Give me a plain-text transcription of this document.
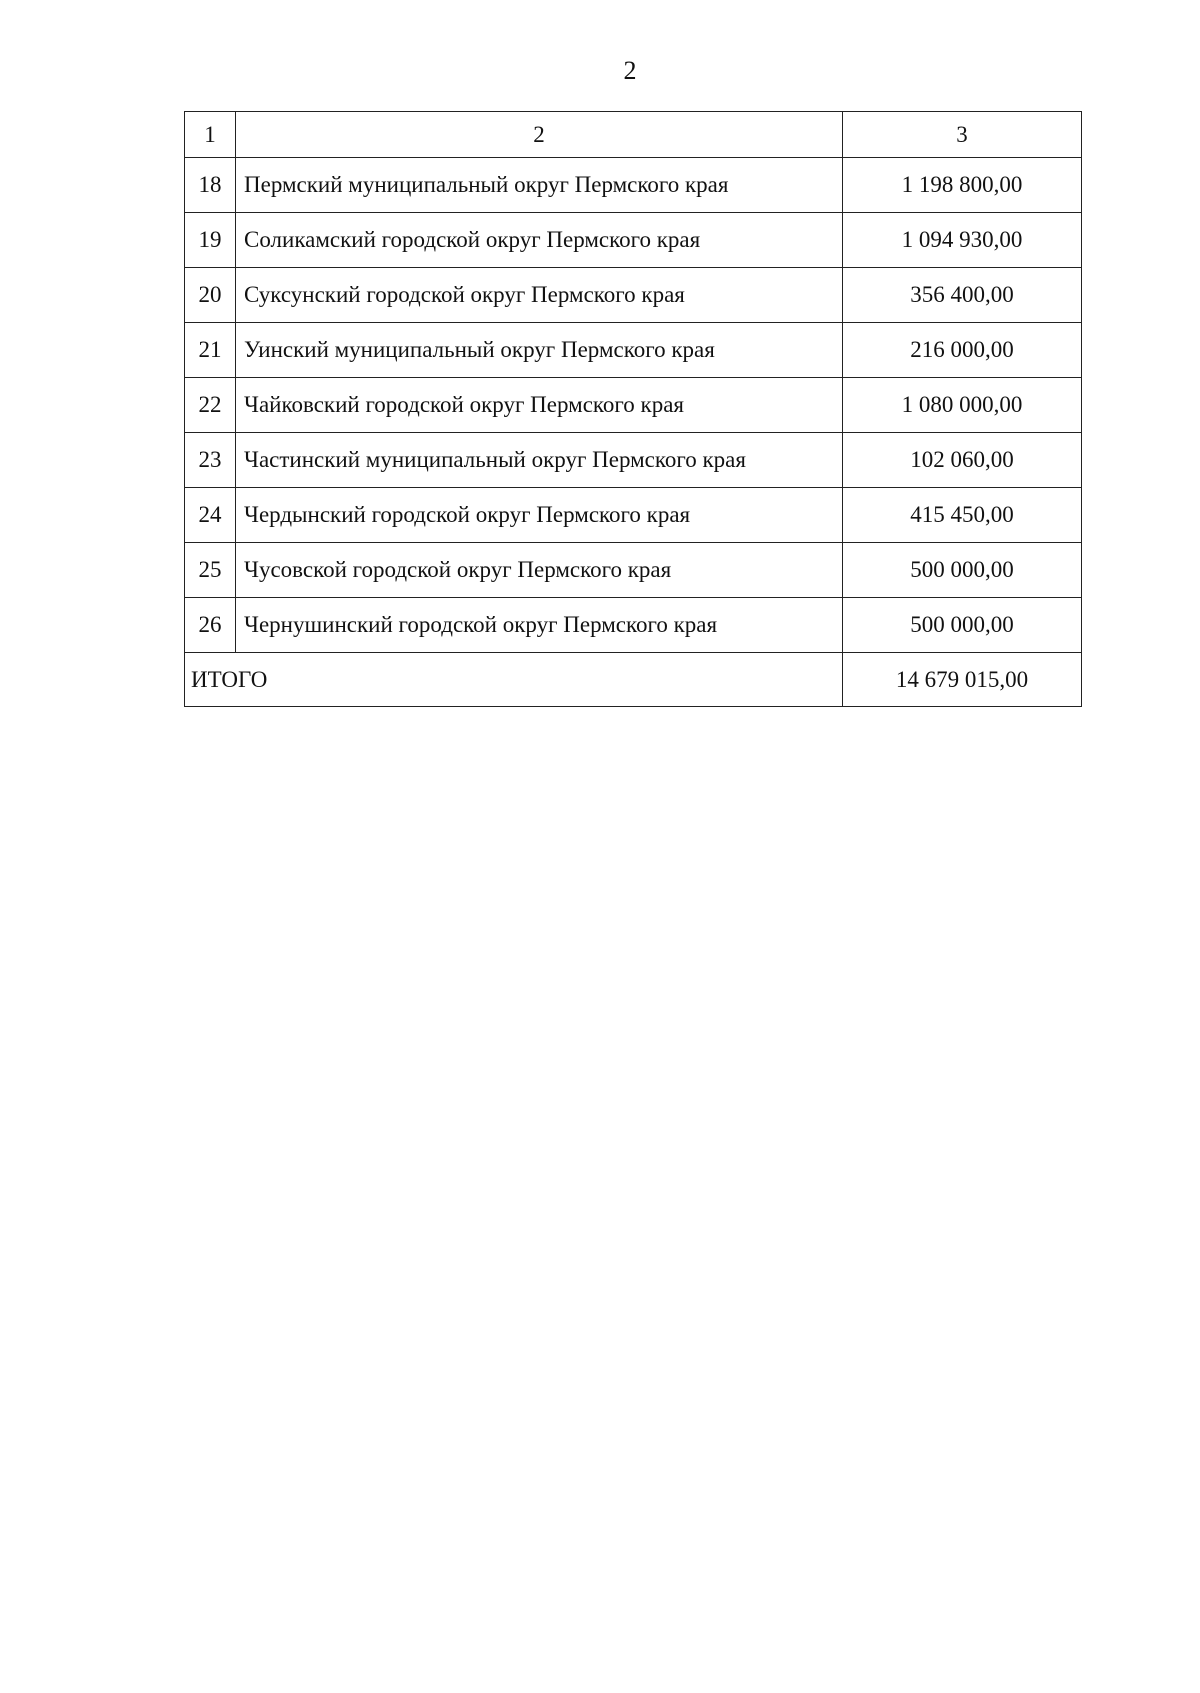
2
1	2	3
18	Пермский муниципальный округ Пермского края	1 198 800,00
19	Соликамский городской округ Пермского края	1 094 930,00
20	Суксунский городской округ Пермского края	356 400,00
21	Уинский муниципальный округ Пермского края	216 000,00
22	Чайковский городской округ Пермского края	1 080 000,00
23	Частинский муниципальный округ Пермского края	102 060,00
24	Чердынский городской округ Пермского края	415 450,00
25	Чусовской городской округ Пермского края	500 000,00
26	Чернушинский городской округ Пермского края	500 000,00
ИТОГО		14 679 015,00
